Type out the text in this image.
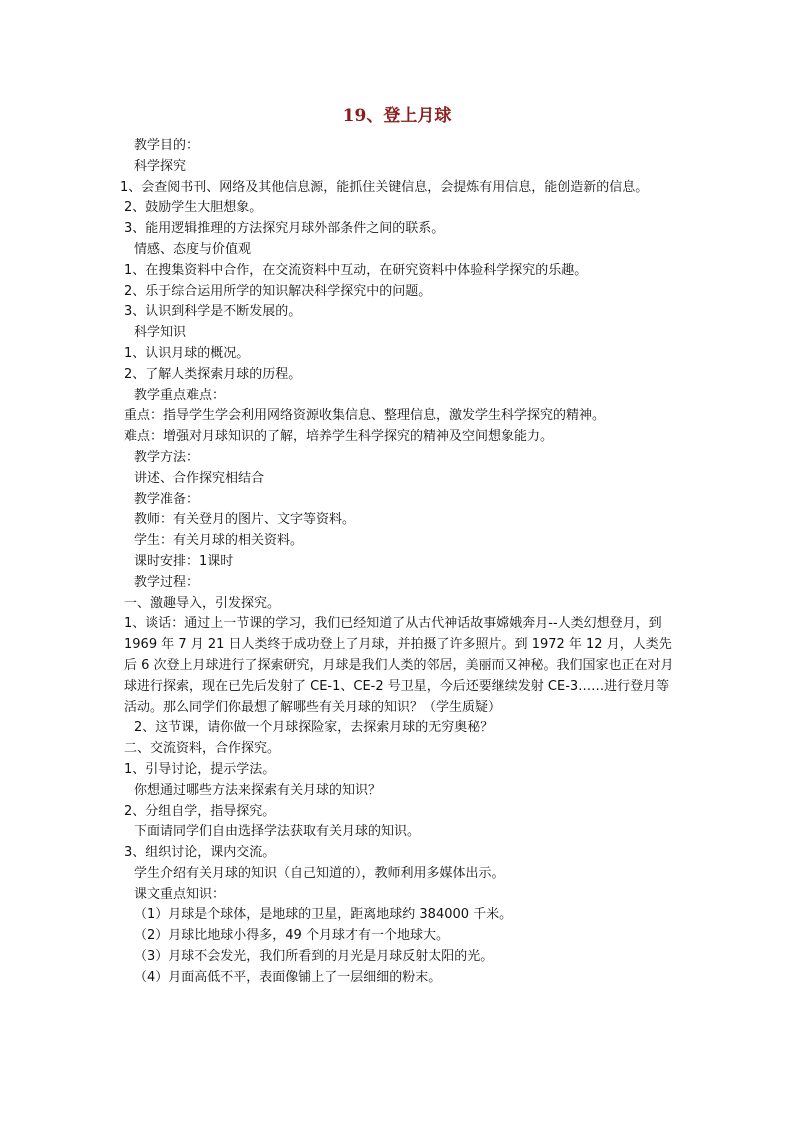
19、登上月球

教学目的：

科学探究

1、会查阅书刊、网络及其他信息源，能抓住关键信息，会提炼有用信息，能创造新的信息。

2、鼓励学生大胆想象。

3、能用逻辑推理的方法探究月球外部条件之间的联系。

情感、态度与价值观

1、在搜集资料中合作，在交流资料中互动，在研究资料中体验科学探究的乐趣。

2、乐于综合运用所学的知识解决科学探究中的问题。

3、认识到科学是不断发展的。

科学知识

1、认识月球的概况。

2、了解人类探索月球的历程。

教学重点难点：

重点：指导学生学会利用网络资源收集信息、整理信息，激发学生科学探究的精神。

难点：增强对月球知识的了解，培养学生科学探究的精神及空间想象能力。

教学方法：

讲述、合作探究相结合

教学准备：

教师：有关登月的图片、文字等资料。

学生：有关月球的相关资料。

课时安排：1课时

教学过程：

一、激趣导入，引发探究。

1、谈话：通过上一节课的学习，我们已经知道了从古代神话故事嫦娥奔月--人类幻想登月，到 1969 年 7 月 21 日人类终于成功登上了月球，并拍摄了许多照片。到 1972 年 12 月，人类先后 6 次登上月球进行了探索研究，月球是我们人类的邻居，美丽而又神秘。我们国家也正在对月球进行探索，现在已先后发射了 CE-1、CE-2 号卫星，今后还要继续发射 CE-3……进行登月等活动。那么同学们你最想了解哪些有关月球的知识？（学生质疑）

2、这节课，请你做一个月球探险家，去探索月球的无穷奥秘？

二、交流资料，合作探究。

1、引导讨论，提示学法。

你想通过哪些方法来探索有关月球的知识？

2、分组自学，指导探究。

下面请同学们自由选择学法获取有关月球的知识。

3、组织讨论，课内交流。

学生介绍有关月球的知识（自己知道的），教师利用多媒体出示。

课文重点知识：

（1）月球是个球体，是地球的卫星，距离地球约 384000 千米。

（2）月球比地球小得多，49 个月球才有一个地球大。

（3）月球不会发光，我们所看到的月光是月球反射太阳的光。

（4）月面高低不平，表面像铺上了一层细细的粉末。
